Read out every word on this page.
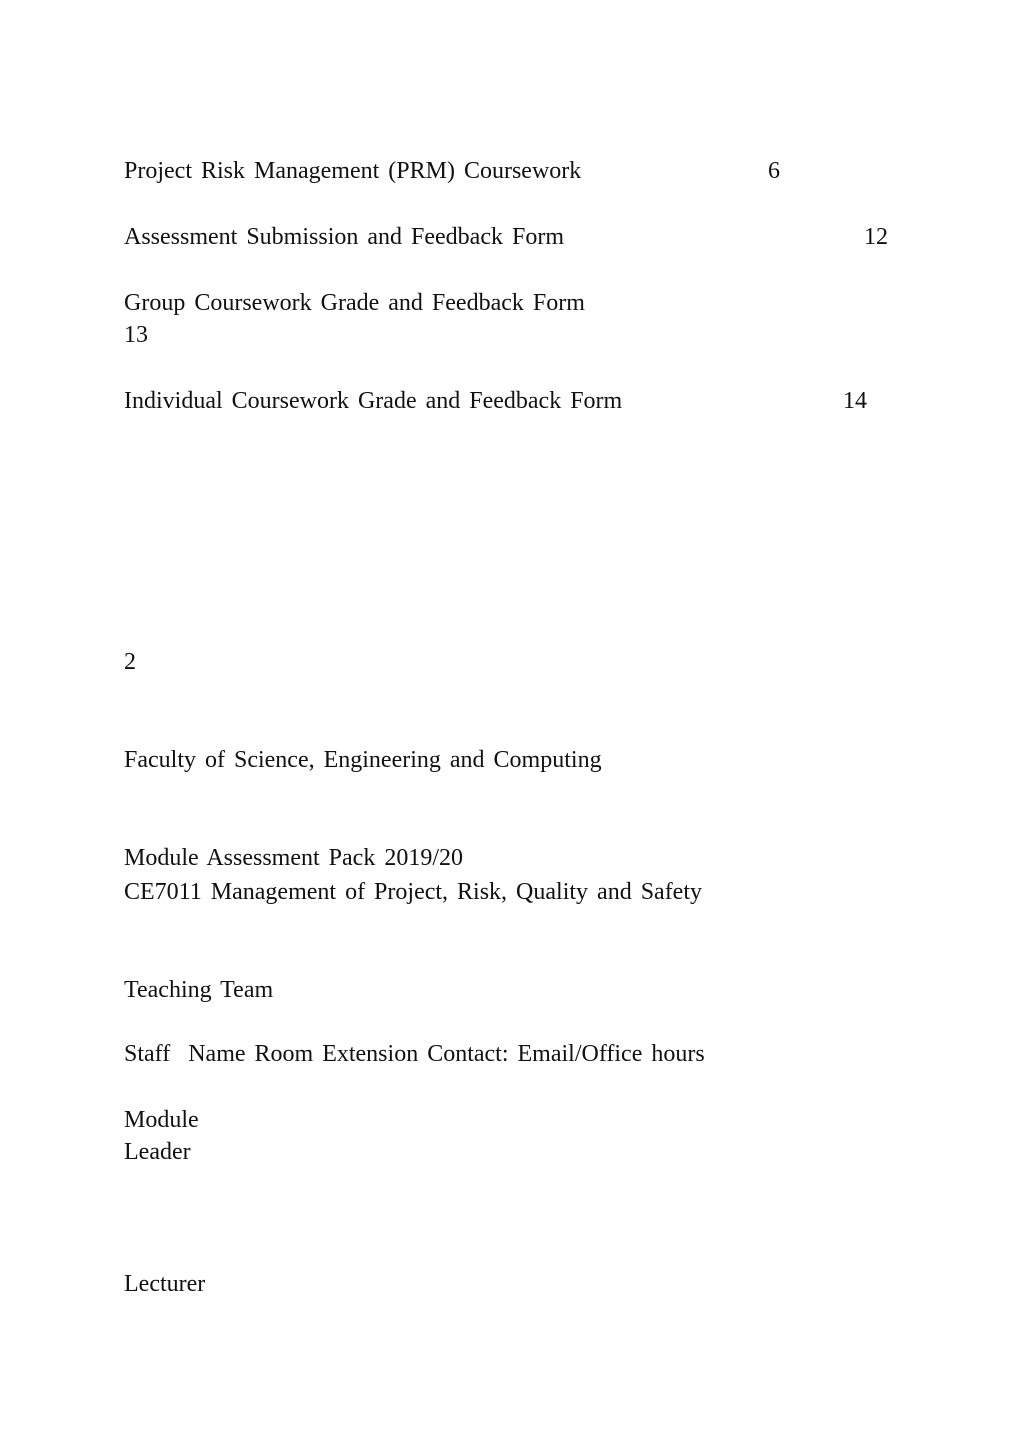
Project Risk Management (PRM) Coursework	6
Assessment Submission and Feedback Form	12
Group Coursework Grade and Feedback Form
13
Individual Coursework Grade and Feedback Form	14
2
Faculty of Science, Engineering and Computing
Module Assessment Pack 2019/20
CE7011 Management of Project, Risk, Quality and Safety
Teaching Team
Staff  Name Room Extension Contact: Email/Office hours
Module
Leader
Lecturer
